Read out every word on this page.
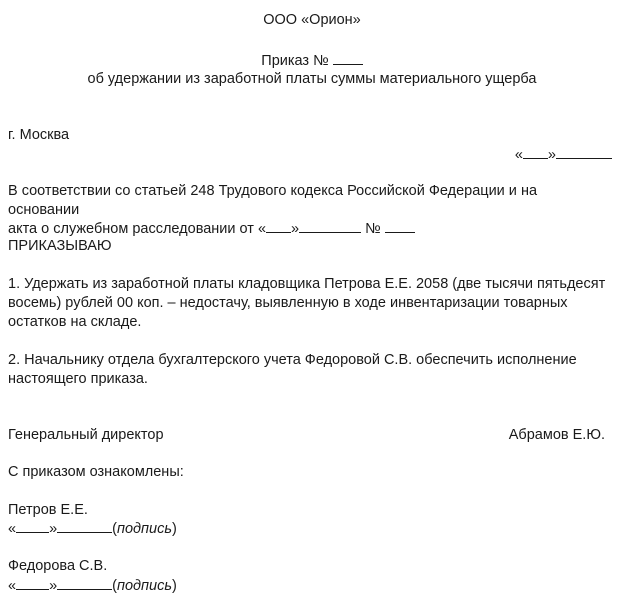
ООО «Орион»
Приказ №
об удержании из заработной платы суммы материального ущерба
г. Москва
« »
В соответствии со статьей 248 Трудового кодекса Российской Федерации и на основании
акта о служебном расследовании от « »	№
ПРИКАЗЫВАЮ
1. Удержать из заработной платы кладовщика Петрова Е.Е. 2058 (две тысячи пятьдесят
восемь) рублей 00 коп. – недостачу, выявленную в ходе инвентаризации товарных
остатков на складе.
2. Начальнику отдела бухгалтерского учета Федоровой С.В. обеспечить исполнение
настоящего приказа.
Генеральный директор	Абрамов Е.Ю.
С приказом ознакомлены:
Петров Е.Е.
« »	(подпись)
Федорова С.В.
« »	(подпись)
